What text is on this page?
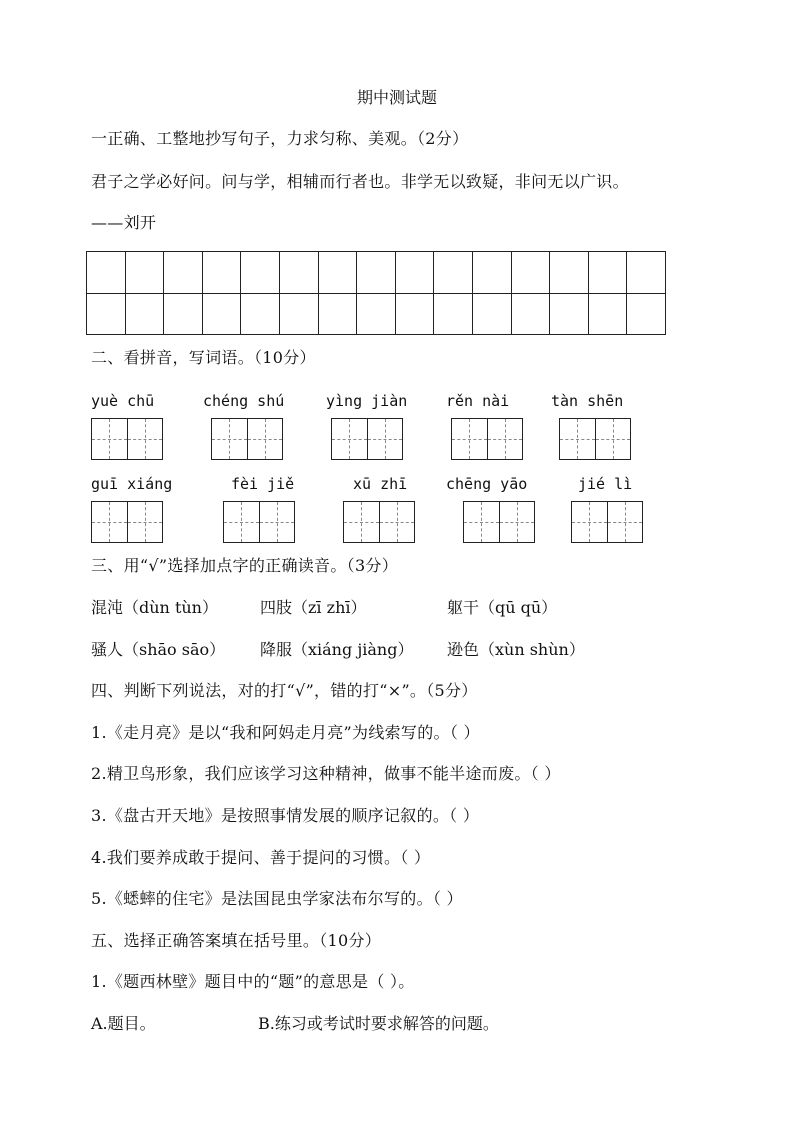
期中测试题
一正确、工整地抄写句子，力求匀称、美观。（2分）
君子之学必好问。问与学，相辅而行者也。非学无以致疑，非问无以广识。
——刘开
二、看拼音，写词语。（10分）
yuè chū	chéng shú	yìng jiàn	rěn nài	tàn shēn
guī xiáng	fèi jiě	xū zhī	chēng yāo	jié lì
三、用“√”选择加点字的正确读音。（3分）
混沌（dùn tùn）	四肢（zī zhī）	躯干（qū qū）
骚人（shāo sāo） 降服（xiáng jiàng） 逊色（xùn shùn）
四、判断下列说法，对的打“√”，错的打“×”。（5分）
1.《走月亮》是以“我和阿妈走月亮”为线索写的。（ ）
2.精卫鸟形象，我们应该学习这种精神，做事不能半途而废。（ ）
3.《盘古开天地》是按照事情发展的顺序记叙的。（ ）
4.我们要养成敢于提问、善于提问的习惯。（ ）
5.《蟋蟀的住宅》是法国昆虫学家法布尔写的。（ ）
五、选择正确答案填在括号里。（10分）
1.《题西林壁》题目中的“题”的意思是（ ）。
A.题目。	B.练习或考试时要求解答的问题。
